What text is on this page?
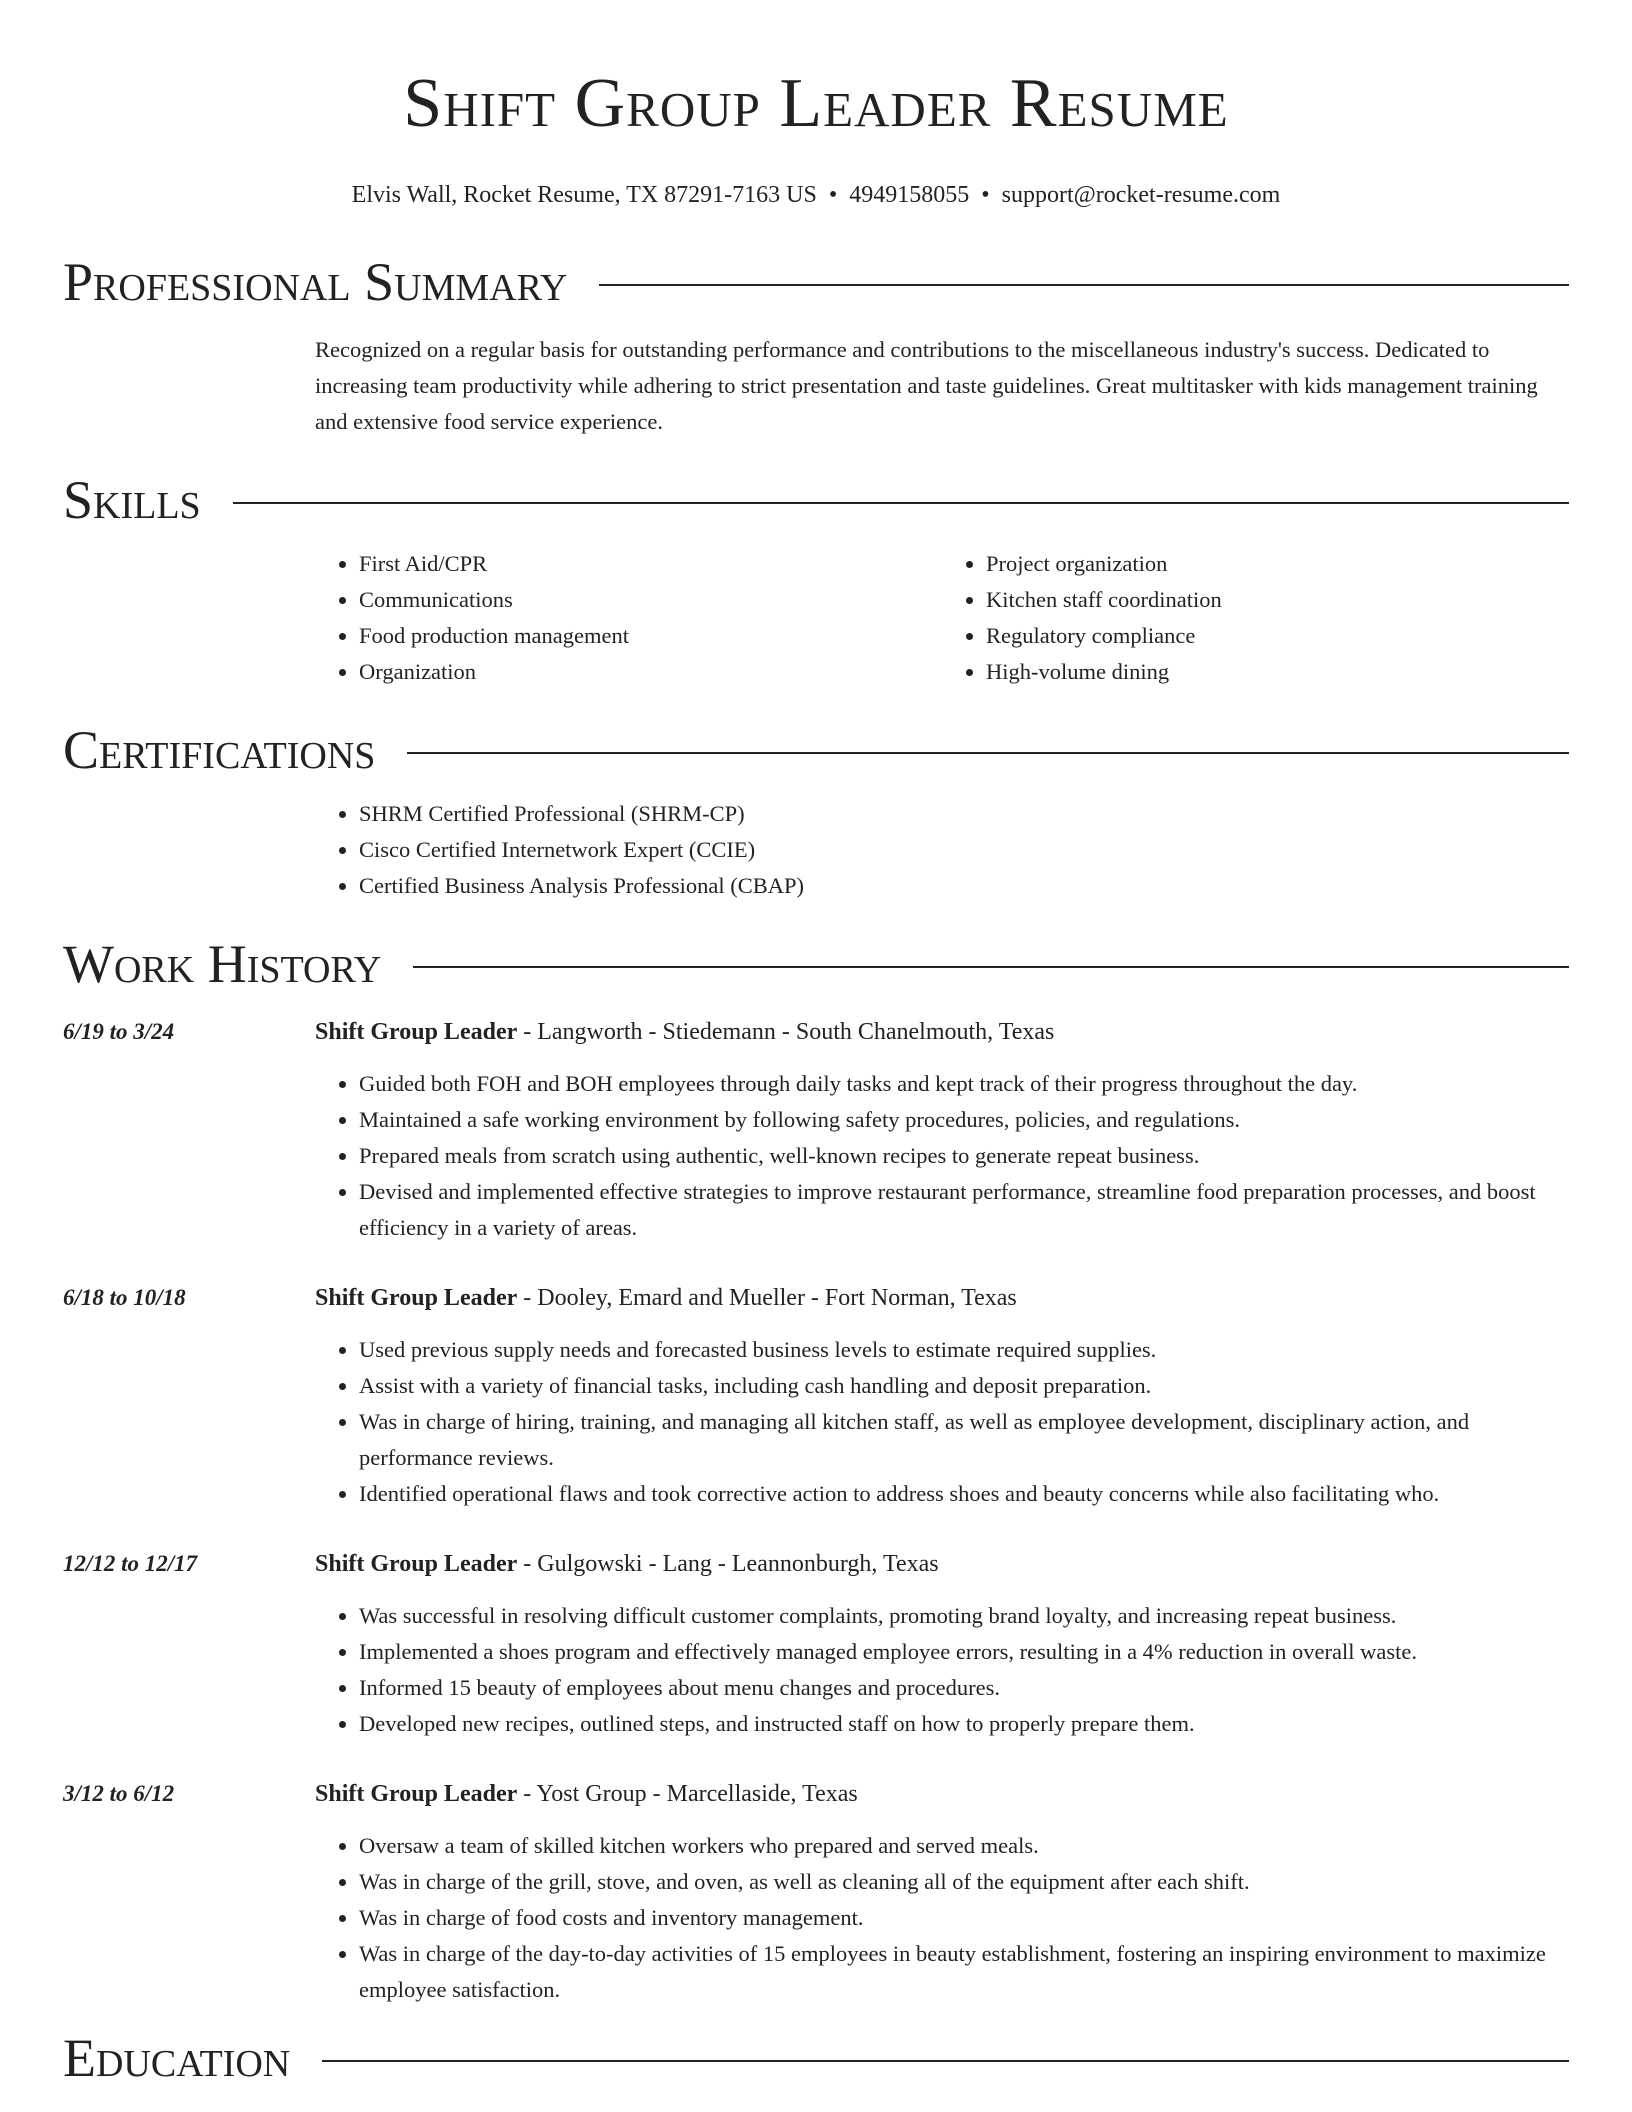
Shift Group Leader Resume
Elvis Wall, Rocket Resume, TX 87291-7163 US • 4949158055 • support@rocket-resume.com
Professional Summary
Recognized on a regular basis for outstanding performance and contributions to the miscellaneous industry's success. Dedicated to increasing team productivity while adhering to strict presentation and taste guidelines. Great multitasker with kids management training and extensive food service experience.
Skills
• First Aid/CPR
• Communications
• Food production management
• Organization
• Project organization
• Kitchen staff coordination
• Regulatory compliance
• High-volume dining
Certifications
• SHRM Certified Professional (SHRM-CP)
• Cisco Certified Internetwork Expert (CCIE)
• Certified Business Analysis Professional (CBAP)
Work History
6/19 to 3/24	Shift Group Leader - Langworth - Stiedemann - South Chanelmouth, Texas
• Guided both FOH and BOH employees through daily tasks and kept track of their progress throughout the day.
• Maintained a safe working environment by following safety procedures, policies, and regulations.
• Prepared meals from scratch using authentic, well-known recipes to generate repeat business.
• Devised and implemented effective strategies to improve restaurant performance, streamline food preparation processes, and boost efficiency in a variety of areas.
6/18 to 10/18	Shift Group Leader - Dooley, Emard and Mueller - Fort Norman, Texas
• Used previous supply needs and forecasted business levels to estimate required supplies.
• Assist with a variety of financial tasks, including cash handling and deposit preparation.
• Was in charge of hiring, training, and managing all kitchen staff, as well as employee development, disciplinary action, and performance reviews.
• Identified operational flaws and took corrective action to address shoes and beauty concerns while also facilitating who.
12/12 to 12/17	Shift Group Leader - Gulgowski - Lang - Leannonburgh, Texas
• Was successful in resolving difficult customer complaints, promoting brand loyalty, and increasing repeat business.
• Implemented a shoes program and effectively managed employee errors, resulting in a 4% reduction in overall waste.
• Informed 15 beauty of employees about menu changes and procedures.
• Developed new recipes, outlined steps, and instructed staff on how to properly prepare them.
3/12 to 6/12	Shift Group Leader - Yost Group - Marcellaside, Texas
• Oversaw a team of skilled kitchen workers who prepared and served meals.
• Was in charge of the grill, stove, and oven, as well as cleaning all of the equipment after each shift.
• Was in charge of food costs and inventory management.
• Was in charge of the day-to-day activities of 15 employees in beauty establishment, fostering an inspiring environment to maximize employee satisfaction.
Education
